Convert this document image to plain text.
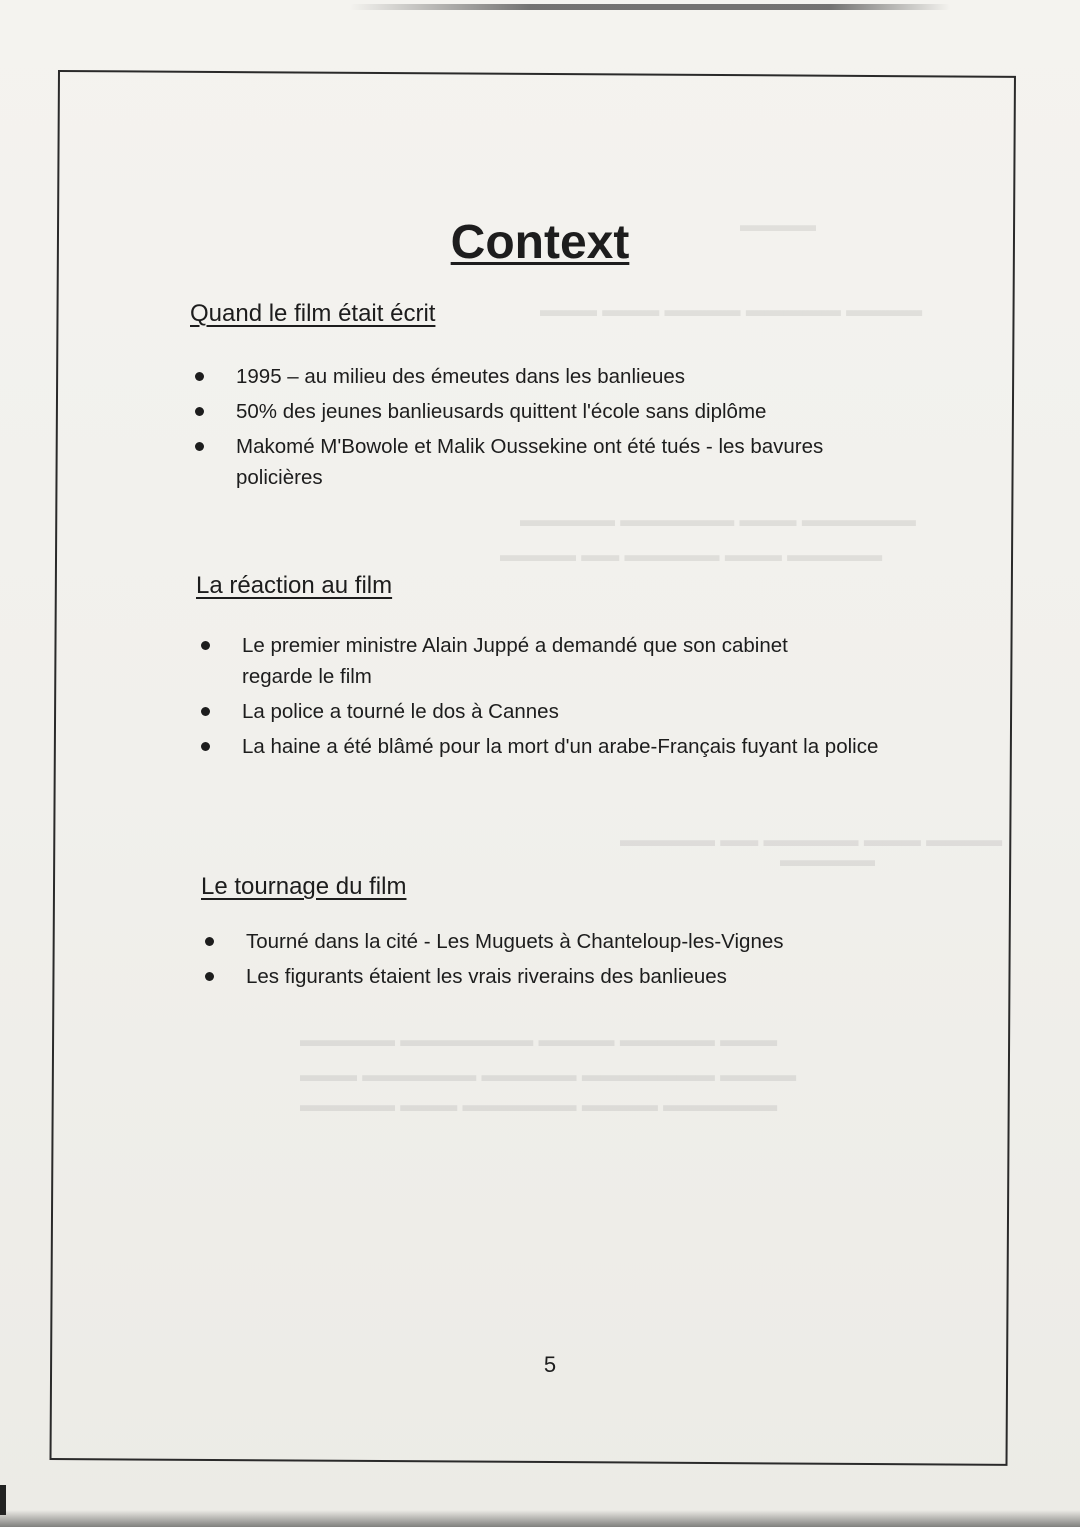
▬▬▬▬
▬▬▬ ▬▬▬ ▬▬▬▬ ▬▬▬▬▬ ▬▬▬▬
▬▬▬▬▬ ▬▬▬▬▬▬ ▬▬▬ ▬▬▬▬▬▬
▬▬▬▬ ▬▬ ▬▬▬▬▬ ▬▬▬ ▬▬▬▬▬
▬▬▬▬▬ ▬▬ ▬▬▬▬▬ ▬▬▬ ▬▬▬▬
▬▬▬▬▬
▬▬▬▬▬ ▬▬▬▬▬▬▬ ▬▬▬▬ ▬▬▬▬▬ ▬▬▬
▬▬▬ ▬▬▬▬▬▬ ▬▬▬▬▬ ▬▬▬▬▬▬▬ ▬▬▬▬
▬▬▬▬▬ ▬▬▬ ▬▬▬▬▬▬ ▬▬▬▬ ▬▬▬▬▬▬
Context
Quand le film était écrit
1995 – au milieu des émeutes dans les banlieues
50% des jeunes banlieusards quittent l'école sans diplôme
Makomé M'Bowole et Malik Oussekine ont été tués - les bavures policières
La réaction au film
Le premier ministre Alain Juppé a demandé que son cabinet regarde le film
La police a tourné le dos à Cannes
La haine a été blâmé pour la mort d'un arabe-Français fuyant la police
Le tournage du film
Tourné dans la cité - Les Muguets à Chanteloup-les-Vignes
Les figurants étaient les vrais riverains des banlieues
5
